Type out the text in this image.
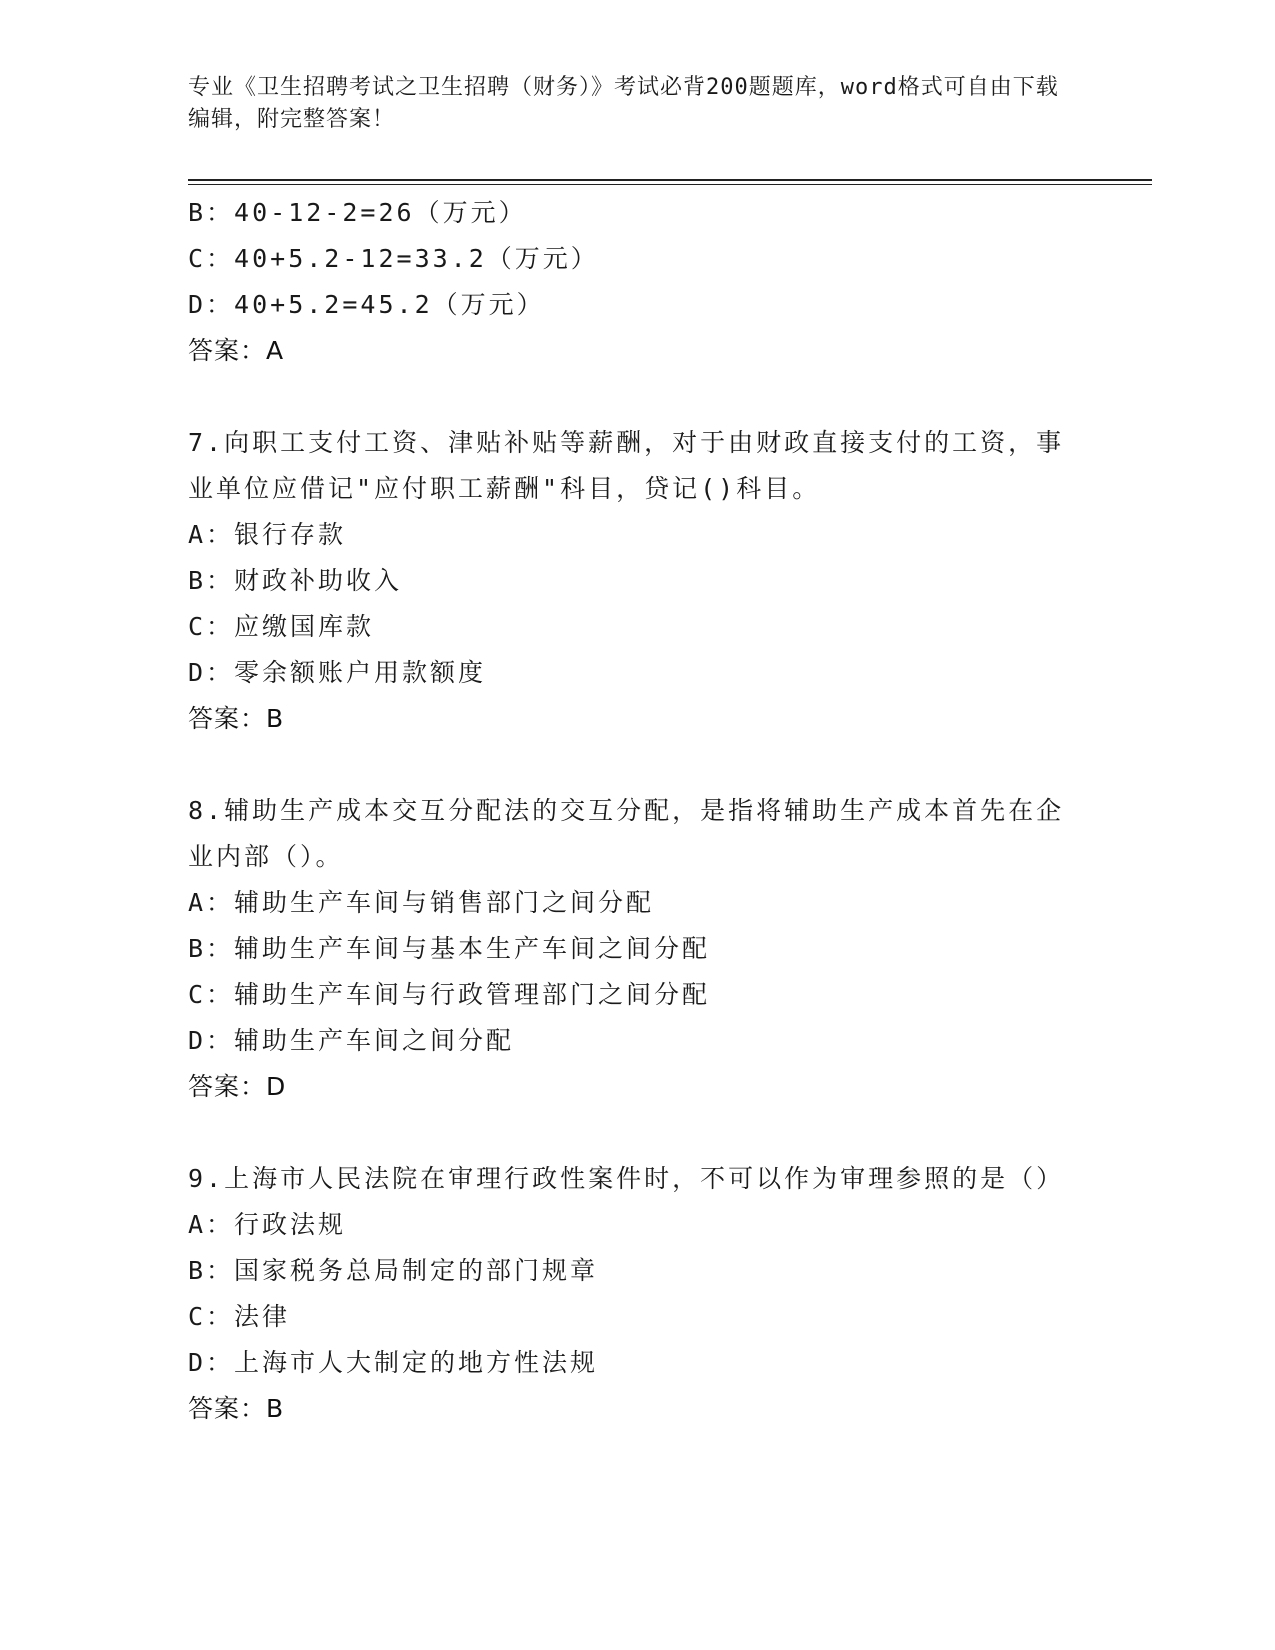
专业《卫生招聘考试之卫生招聘（财务）》考试必背200题题库，word格式可自由下载编辑，附完整答案！
B：40-12-2=26（万元）
C：40+5.2-12=33.2（万元）
D：40+5.2=45.2（万元）
答案：A
7.向职工支付工资、津贴补贴等薪酬，对于由财政直接支付的工资，事业单位应借记"应付职工薪酬"科目，贷记()科目。
A：银行存款
B：财政补助收入
C：应缴国库款
D：零余额账户用款额度
答案：B
8.辅助生产成本交互分配法的交互分配，是指将辅助生产成本首先在企业内部（）。
A：辅助生产车间与销售部门之间分配
B：辅助生产车间与基本生产车间之间分配
C：辅助生产车间与行政管理部门之间分配
D：辅助生产车间之间分配
答案：D
9.上海市人民法院在审理行政性案件时，不可以作为审理参照的是（）
A：行政法规
B：国家税务总局制定的部门规章
C：法律
D：上海市人大制定的地方性法规
答案：B
